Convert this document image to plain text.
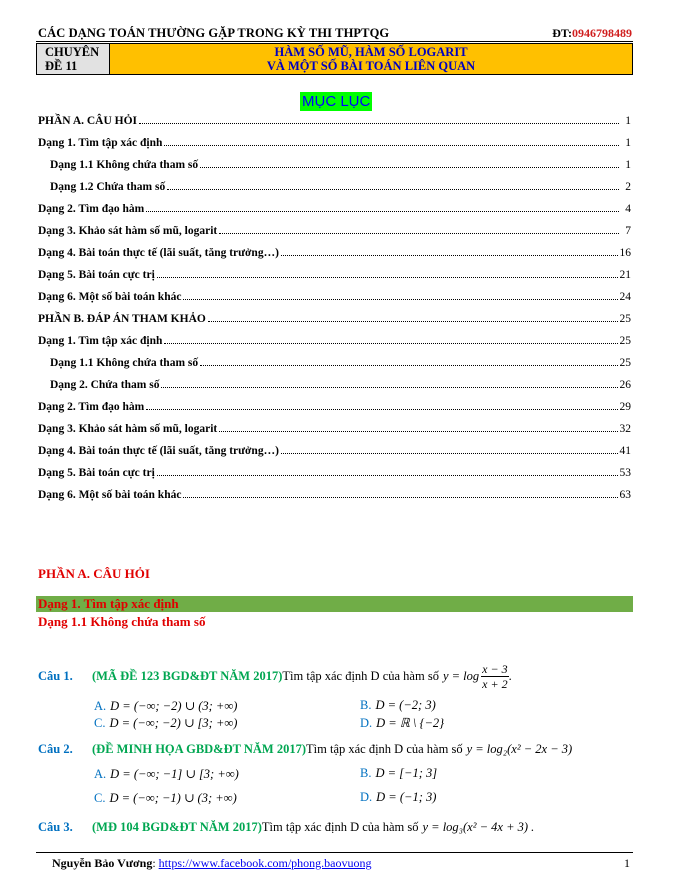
CÁC DẠNG TOÁN THƯỜNG GẶP TRONG KỲ THI THPTQG	ĐT:0946798489
CHUYÊN
ĐỀ 11
HÀM SỐ MŨ, HÀM SỐ LOGARIT
VÀ MỘT SỐ BÀI TOÁN LIÊN QUAN
MỤC LỤC
PHẦN A. CÂU HỎI	1
Dạng 1. Tìm tập xác định	1
Dạng 1.1 Không chứa tham số	1
Dạng 1.2 Chứa tham số	2
Dạng 2. Tìm đạo hàm	4
Dạng 3. Khảo sát hàm số mũ, logarit	7
Dạng 4. Bài toán thực tế (lãi suất, tăng trưởng…)	16
Dạng 5. Bài toán cực trị	21
Dạng 6. Một số bài toán khác	24
PHẦN B. ĐÁP ÁN THAM KHẢO	25
Dạng 1. Tìm tập xác định	25
Dạng 1.1 Không chứa tham số	25
Dạng 2. Chứa tham số	26
Dạng 2. Tìm đạo hàm	29
Dạng 3. Khảo sát hàm số mũ, logarit	32
Dạng 4. Bài toán thực tế (lãi suất, tăng trưởng…)	41
Dạng 5. Bài toán cực trị	53
Dạng 6. Một số bài toán khác	63
PHẦN A. CÂU HỎI
Dạng 1. Tìm tập xác định
Dạng 1.1 Không chứa tham số
Câu 1.	(MÃ ĐỀ 123 BGD&ĐT NĂM 2017) Tìm tập xác định D của hàm số $y = \log \frac{x - 3}{x + 2}$ .
A. D = (−∞; −2) ∪ (3; +∞)	B. D = (−2; 3)
C. D = (−∞; −2) ∪ [3; +∞)	D. D = ℝ \ {−2}
Câu 2.	(ĐỀ MINH HỌA GBD&ĐT NĂM 2017) Tìm tập xác định D của hàm số y = log₂(x² − 2x − 3)
A. D = (−∞; −1] ∪ [3; +∞)	B. D = [−1; 3]
C. D = (−∞; −1) ∪ (3; +∞)	D. D = (−1; 3)
Câu 3.	(MĐ 104 BGD&ĐT NĂM 2017) Tìm tập xác định D của hàm số y = log₃(x² − 4x + 3) .
Nguyễn Bảo Vương: https://www.facebook.com/phong.baovuong	1
